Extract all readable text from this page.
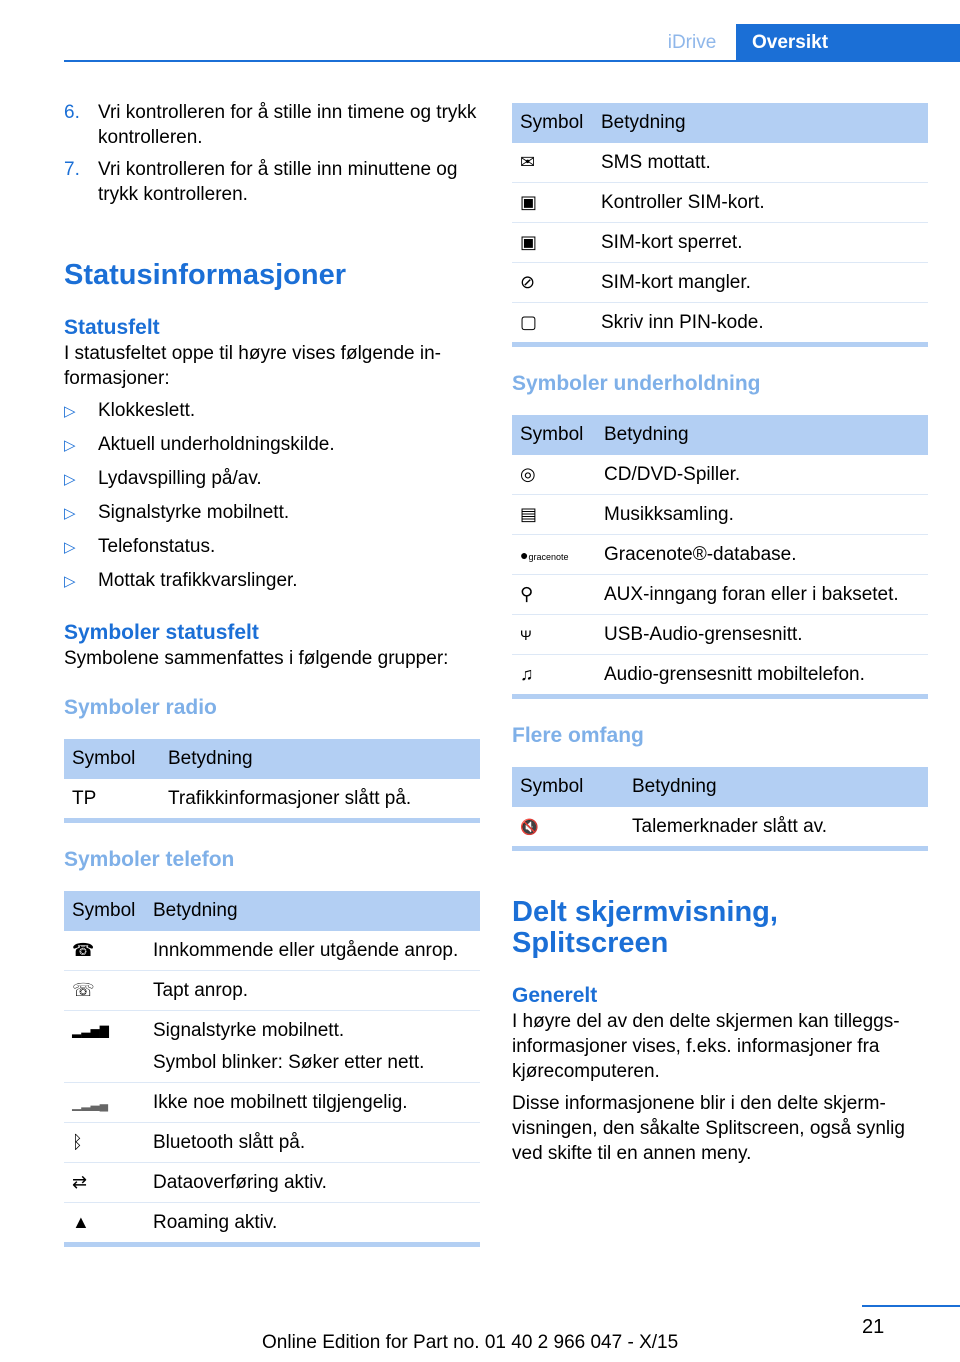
iDrive	Oversikt
6. Vri kontrolleren for å stille inn timene og trykk kontrolleren.
7. Vri kontrolleren for å stille inn minuttene og trykk kontrolleren.
Statusinformasjoner
Statusfelt

I statusfeltet oppe til høyre vises følgende in-formasjoner:

▷	Klokkeslett.
▷	Aktuell underholdningskilde.
▷	Lydavspilling på/av.
▷	Signalstyrke mobilnett.
▷	Telefonstatus.
▷	Mottak trafikkvarslinger.
Symboler statusfelt

Symbolene sammenfattes i følgende grupper:

Symboler radio
Symbol	Betydning
TP	Trafikkinformasjoner slått på.

Symboler telefon
Symbol	Betydning
☎	Innkommende eller utgående anrop.
☏	Tapt anrop.
▂▃▅▇	Signalstyrke mobilnett.
Symbol blinker: Søker etter nett.

▁▂▃▄	Ikke noe mobilnett tilgjengelig.
ᛒ	Bluetooth slått på.
⇄	Dataoverføring aktiv.
▲	Roaming aktiv.

Symbol	Betydning
✉	SMS mottatt.
▣	Kontroller SIM-kort.
▣	SIM-kort sperret.
⊘	SIM-kort mangler.
▢	Skriv inn PIN-kode.

Symboler underholdning
Symbol	Betydning
◎	CD/DVD-Spiller.
▤	Musikksamling.
●gracenote	Gracenote®-database.
⚲	AUX-inngang foran eller i baksetet.
Ψ	USB-Audio-grensesnitt.
♫	Audio-grensesnitt mobiltelefon.

Flere omfang
Symbol	Betydning
🔇	Talemerknader slått av.

Delt skjermvisning,
Splitscreen
Generelt

I høyre del av den delte skjermen kan tilleggs-informasjoner vises, f.eks. informasjoner fra kjørecomputeren.

Disse informasjonene blir i den delte skjerm-visningen, den såkalte Splitscreen, også synlig ved skifte til en annen meny.

21
Online Edition for Part no. 01 40 2 966 047 - X/15
